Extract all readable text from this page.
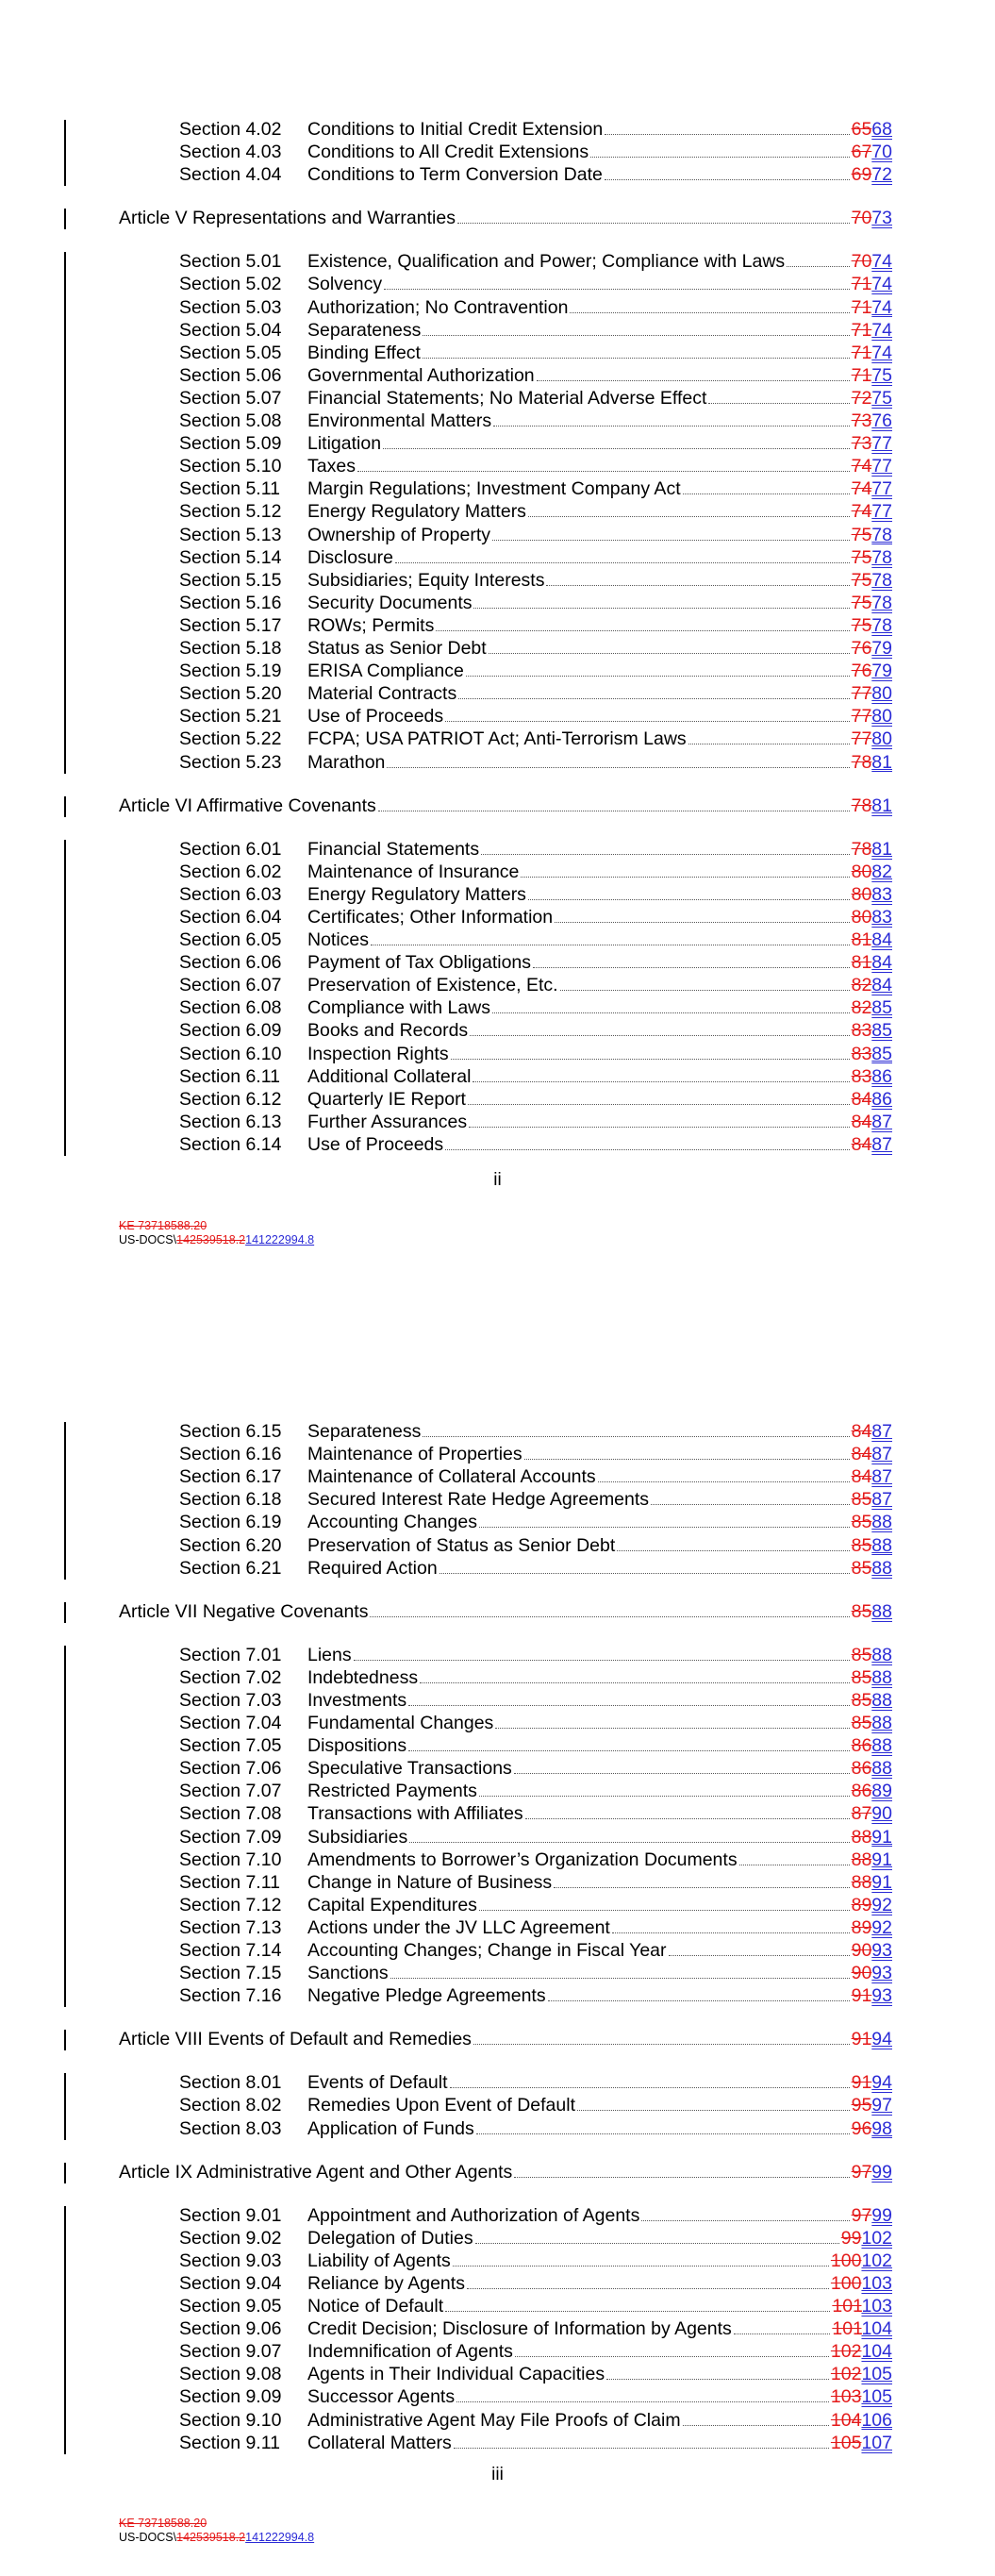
Section 4.02	Conditions to Initial Credit Extension	6568
Section 4.03	Conditions to All Credit Extensions	6770
Section 4.04	Conditions to Term Conversion Date	6972
Article V Representations and Warranties	7073
Section 5.01	Existence, Qualification and Power; Compliance with Laws	7074
Section 5.02	Solvency	7174
Section 5.03	Authorization; No Contravention	7174
Section 5.04	Separateness	7174
Section 5.05	Binding Effect	7174
Section 5.06	Governmental Authorization	7175
Section 5.07	Financial Statements; No Material Adverse Effect	7275
Section 5.08	Environmental Matters	7376
Section 5.09	Litigation	7377
Section 5.10	Taxes	7477
Section 5.11	Margin Regulations; Investment Company Act	7477
Section 5.12	Energy Regulatory Matters	7477
Section 5.13	Ownership of Property	7578
Section 5.14	Disclosure	7578
Section 5.15	Subsidiaries; Equity Interests	7578
Section 5.16	Security Documents	7578
Section 5.17	ROWs; Permits	7578
Section 5.18	Status as Senior Debt	7679
Section 5.19	ERISA Compliance	7679
Section 5.20	Material Contracts	7780
Section 5.21	Use of Proceeds	7780
Section 5.22	FCPA; USA PATRIOT Act; Anti-Terrorism Laws	7780
Section 5.23	Marathon	7881
Article VI Affirmative Covenants	7881
Section 6.01	Financial Statements	7881
Section 6.02	Maintenance of Insurance	8082
Section 6.03	Energy Regulatory Matters	8083
Section 6.04	Certificates; Other Information	8083
Section 6.05	Notices	8184
Section 6.06	Payment of Tax Obligations	8184
Section 6.07	Preservation of Existence, Etc.	8284
Section 6.08	Compliance with Laws	8285
Section 6.09	Books and Records	8385
Section 6.10	Inspection Rights	8385
Section 6.11	Additional Collateral	8386
Section 6.12	Quarterly IE Report	8486
Section 6.13	Further Assurances	8487
Section 6.14	Use of Proceeds	8487
ii
KE 73718588.20
US-DOCS\142539518.2141222994.8
Section 6.15	Separateness	8487
Section 6.16	Maintenance of Properties	8487
Section 6.17	Maintenance of Collateral Accounts	8487
Section 6.18	Secured Interest Rate Hedge Agreements	8587
Section 6.19	Accounting Changes	8588
Section 6.20	Preservation of Status as Senior Debt	8588
Section 6.21	Required Action	8588
Article VII Negative Covenants	8588
Section 7.01	Liens	8588
Section 7.02	Indebtedness	8588
Section 7.03	Investments	8588
Section 7.04	Fundamental Changes	8588
Section 7.05	Dispositions	8688
Section 7.06	Speculative Transactions	8688
Section 7.07	Restricted Payments	8689
Section 7.08	Transactions with Affiliates	8790
Section 7.09	Subsidiaries	8891
Section 7.10	Amendments to Borrower’s Organization Documents	8891
Section 7.11	Change in Nature of Business	8891
Section 7.12	Capital Expenditures	8992
Section 7.13	Actions under the JV LLC Agreement	8992
Section 7.14	Accounting Changes; Change in Fiscal Year	9093
Section 7.15	Sanctions	9093
Section 7.16	Negative Pledge Agreements	9193
Article VIII Events of Default and Remedies	9194
Section 8.01	Events of Default	9194
Section 8.02	Remedies Upon Event of Default	9597
Section 8.03	Application of Funds	9698
Article IX Administrative Agent and Other Agents	9799
Section 9.01	Appointment and Authorization of Agents	9799
Section 9.02	Delegation of Duties	99102
Section 9.03	Liability of Agents	100102
Section 9.04	Reliance by Agents	100103
Section 9.05	Notice of Default	101103
Section 9.06	Credit Decision; Disclosure of Information by Agents	101104
Section 9.07	Indemnification of Agents	102104
Section 9.08	Agents in Their Individual Capacities	102105
Section 9.09	Successor Agents	103105
Section 9.10	Administrative Agent May File Proofs of Claim	104106
Section 9.11	Collateral Matters	105107
iii
KE 73718588.20
US-DOCS\142539518.2141222994.8
